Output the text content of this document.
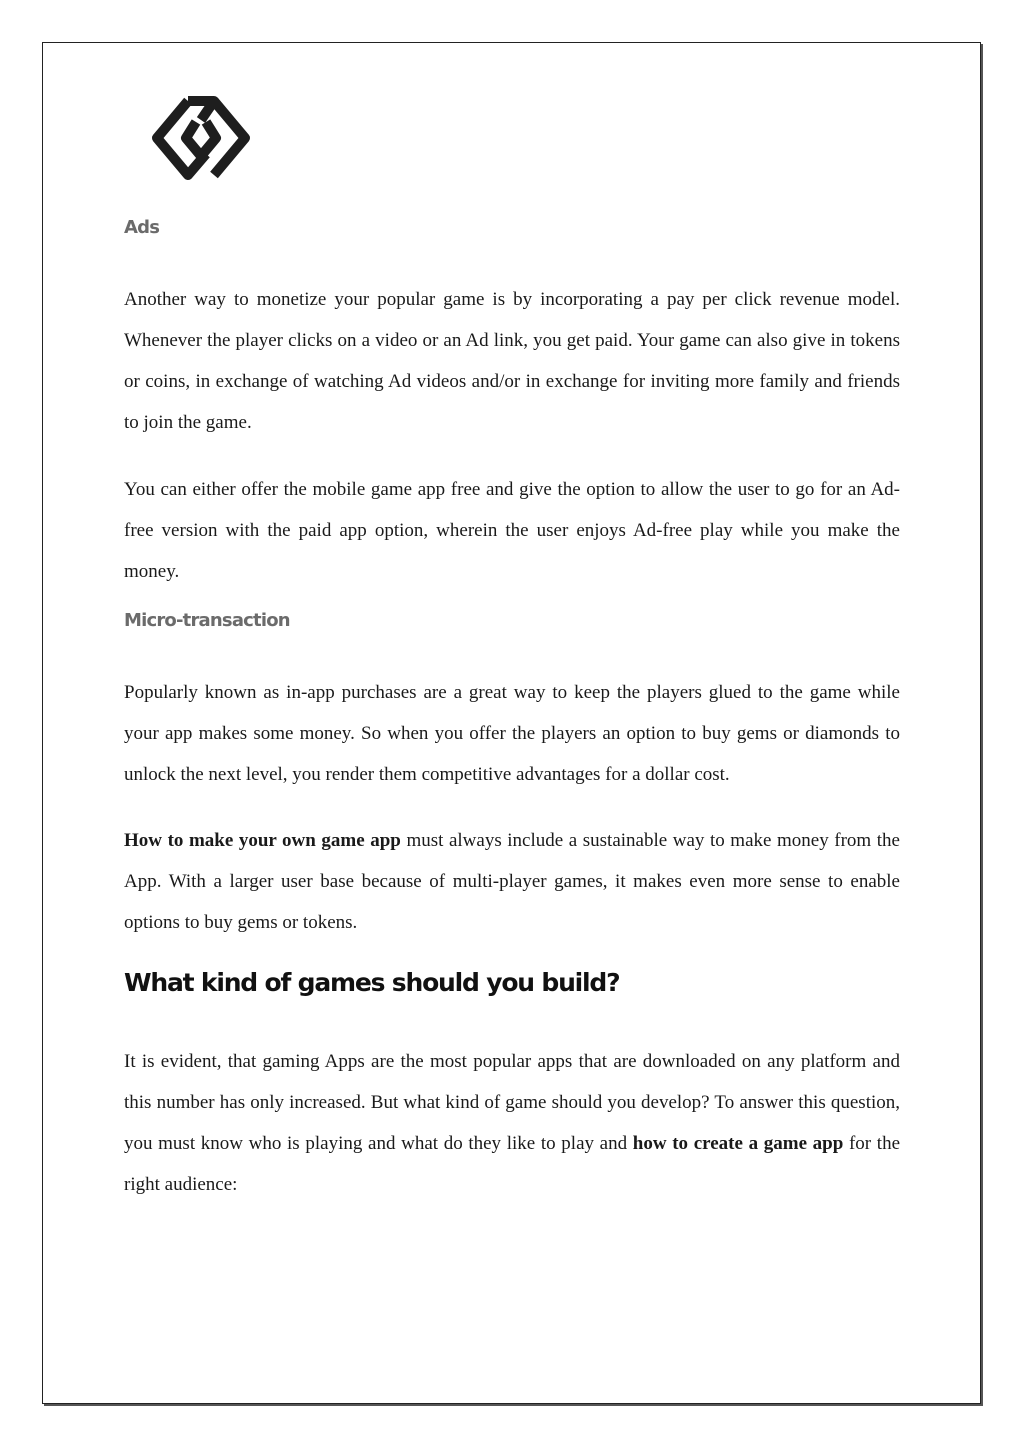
Ads

Another way to monetize your popular game is by incorporating a pay per click revenue model. Whenever the player clicks on a video or an Ad link, you get paid. Your game can also give in tokens or coins, in exchange of watching Ad videos and/or in exchange for inviting more family and friends to join the game.

You can either offer the mobile game app free and give the option to allow the user to go for an Ad-free version with the paid app option, wherein the user enjoys Ad-free play while you make the money.

Micro-transaction

Popularly known as in-app purchases are a great way to keep the players glued to the game while your app makes some money. So when you offer the players an option to buy gems or diamonds to unlock the next level, you render them competitive advantages for a dollar cost.

How to make your own game app must always include a sustainable way to make money from the App. With a larger user base because of multi-player games, it makes even more sense to enable options to buy gems or tokens.

What kind of games should you build?

It is evident, that gaming Apps are the most popular apps that are downloaded on any platform and this number has only increased. But what kind of game should you develop? To answer this question, you must know who is playing and what do they like to play and how to create a game app for the right audience:
